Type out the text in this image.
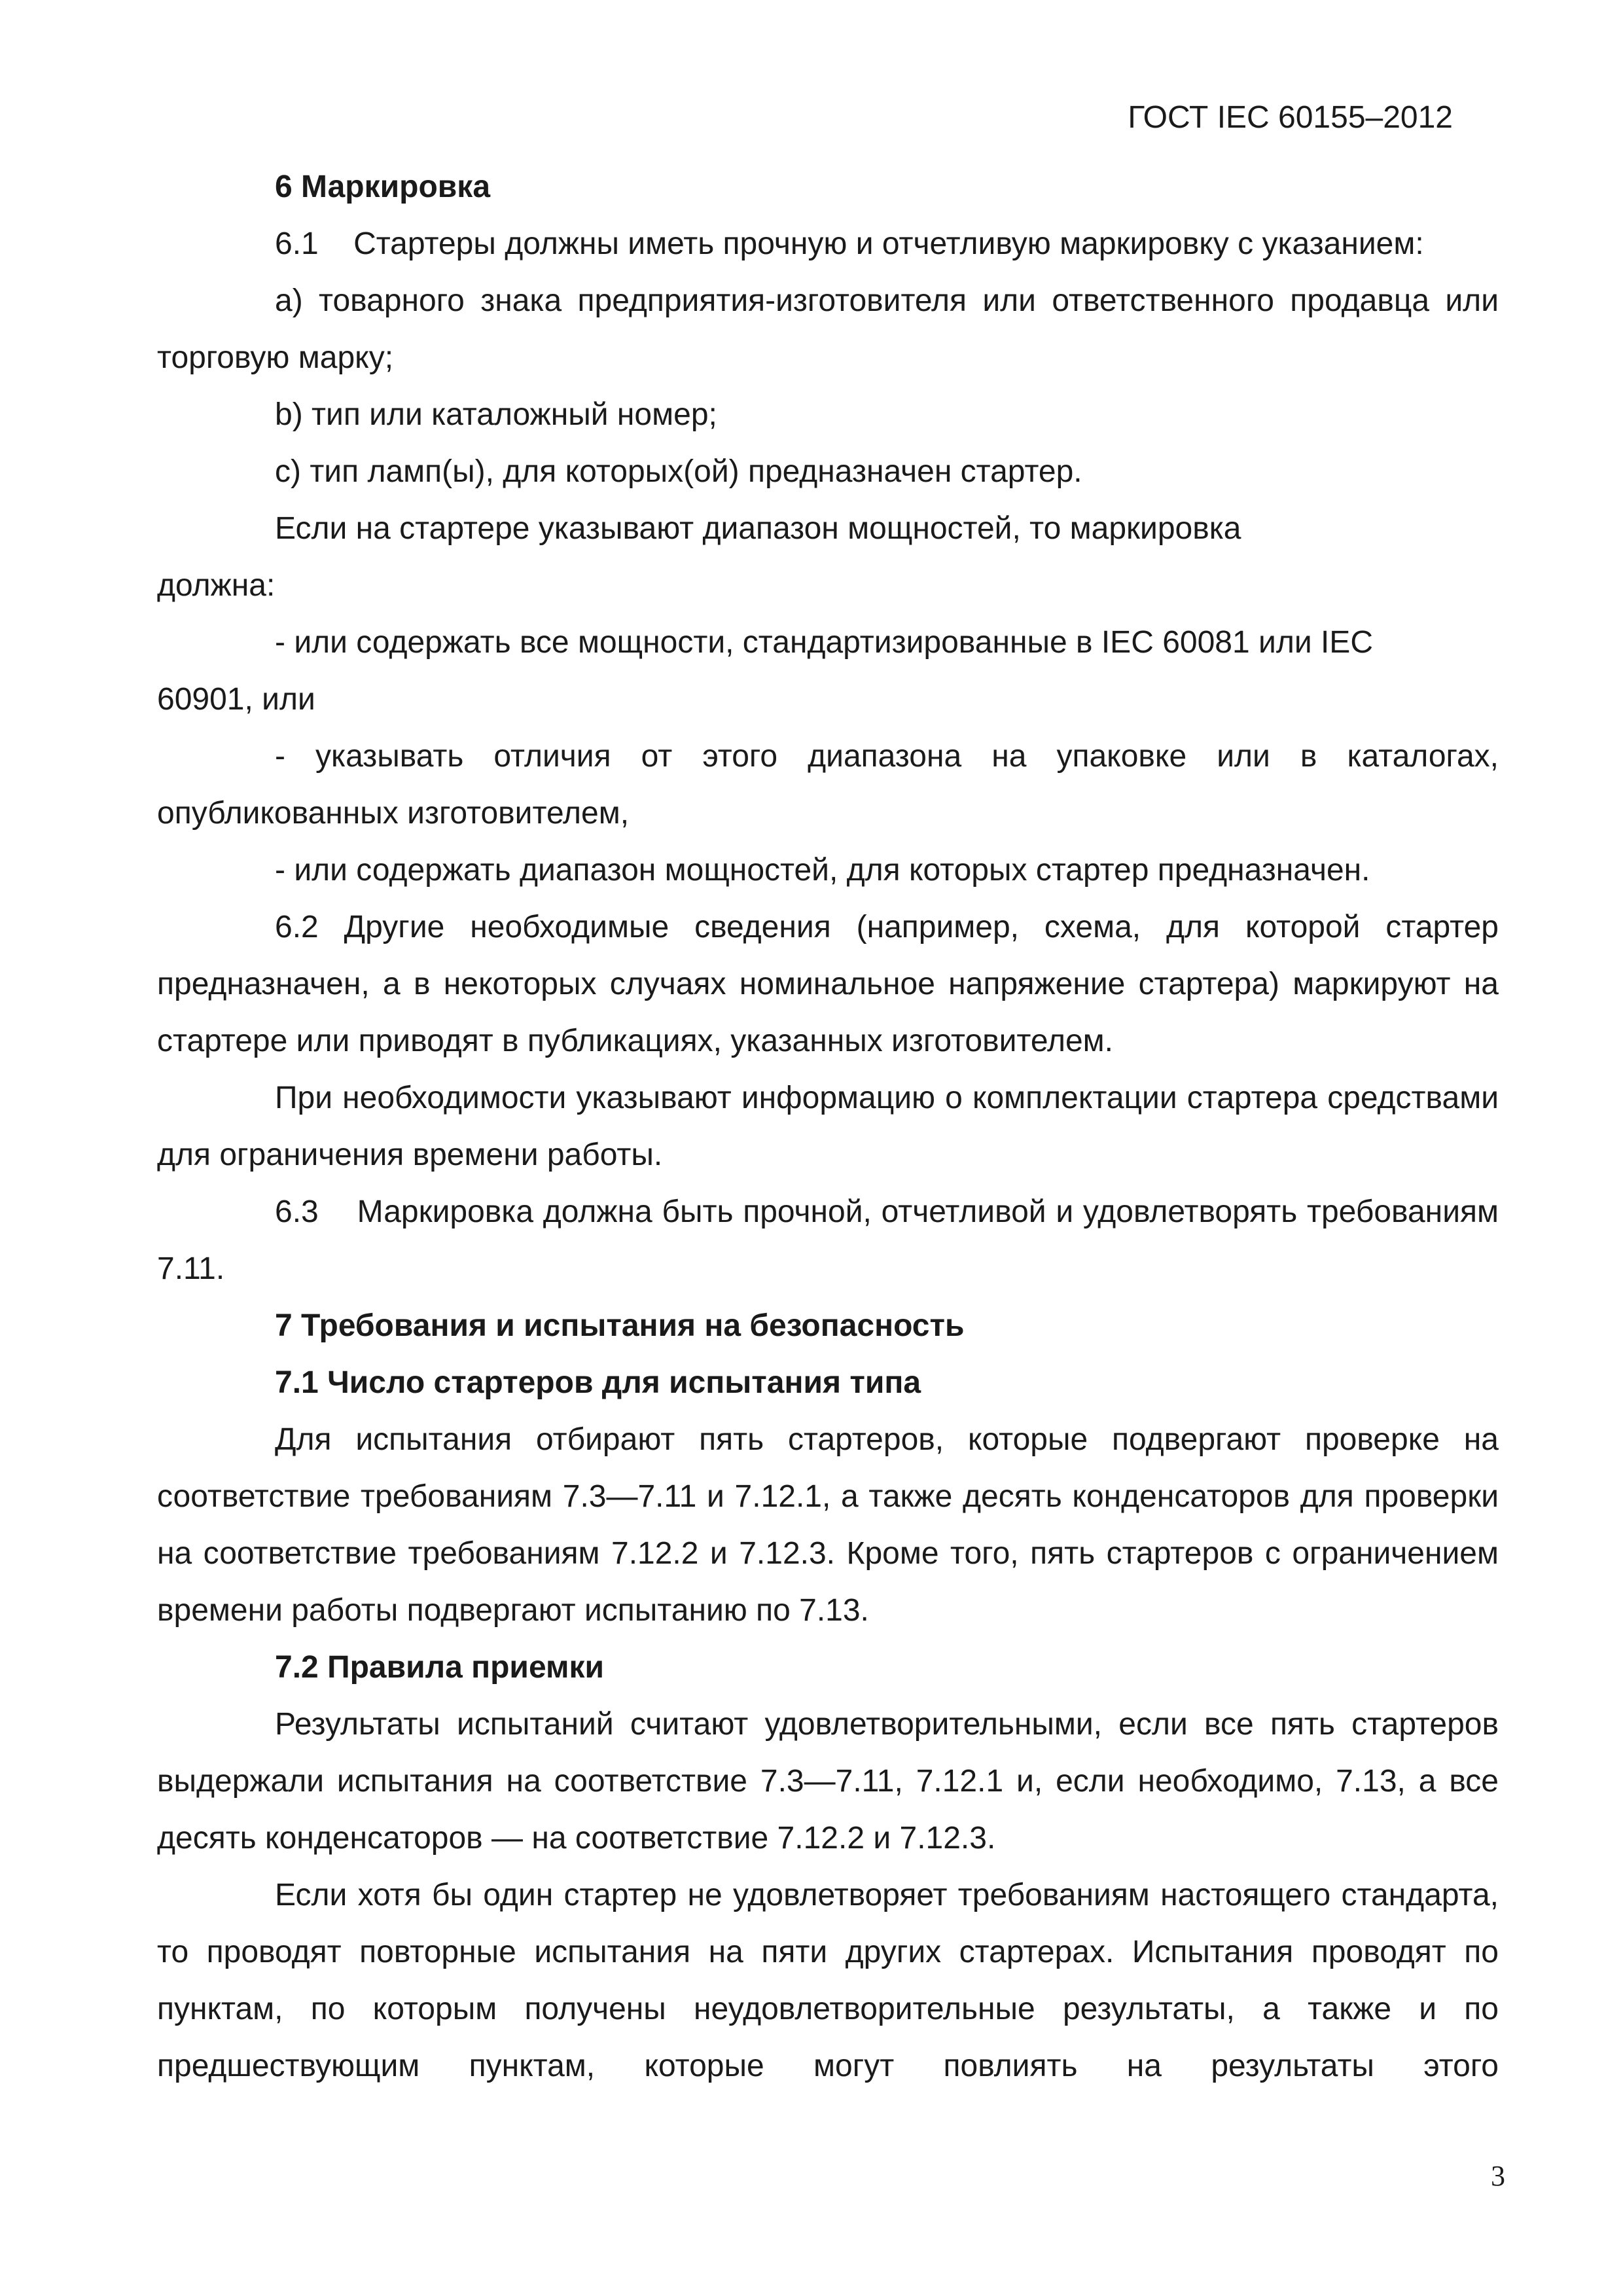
ГОСТ IEC 60155–2012

6 Маркировка

6.1    Стартеры должны иметь прочную и отчетливую маркировку с указанием:

a) товарного знака предприятия-изготовителя или ответственного продавца или торговую марку;

b) тип или каталожный номер;

c) тип ламп(ы), для которых(ой) предназначен стартер.

Если на стартере указывают диапазон мощностей, то маркировка должна:

- или содержать все мощности, стандартизированные в IEC 60081 или IEC 60901, или

- указывать отличия от этого диапазона на упаковке или в каталогах, опубликованных изготовителем,

- или содержать диапазон мощностей, для которых стартер предназначен.

6.2 Другие необходимые сведения (например, схема, для которой стартер предназначен, а в некоторых случаях номинальное напряжение стартера) маркируют на стартере или приводят в публикациях, указанных изготовителем.

При необходимости указывают информацию о комплектации стартера средствами для ограничения времени работы.

6.3    Маркировка должна быть прочной, отчетливой и удовлетворять требованиям 7.11.

7 Требования и испытания на безопасность

7.1 Число стартеров для испытания типа

Для испытания отбирают пять стартеров, которые подвергают проверке на соответствие требованиям 7.3—7.11 и 7.12.1, а также десять конденсаторов для проверки на соответствие требованиям 7.12.2 и 7.12.3. Кроме того, пять стартеров с ограничением времени работы подвергают испытанию по 7.13.

7.2 Правила приемки

Результаты испытаний считают удовлетворительными, если все пять стартеров выдержали испытания на соответствие 7.3—7.11, 7.12.1 и, если необходимо, 7.13, а все десять конденсаторов — на соответствие 7.12.2 и 7.12.3.

Если хотя бы один стартер не удовлетворяет требованиям настоящего стандарта, то проводят повторные испытания на пяти других стартерах. Испытания проводят по пунктам, по которым получены неудовлетворительные результаты, а также и по предшествующим пунктам, которые могут повлиять на результаты этого

3
